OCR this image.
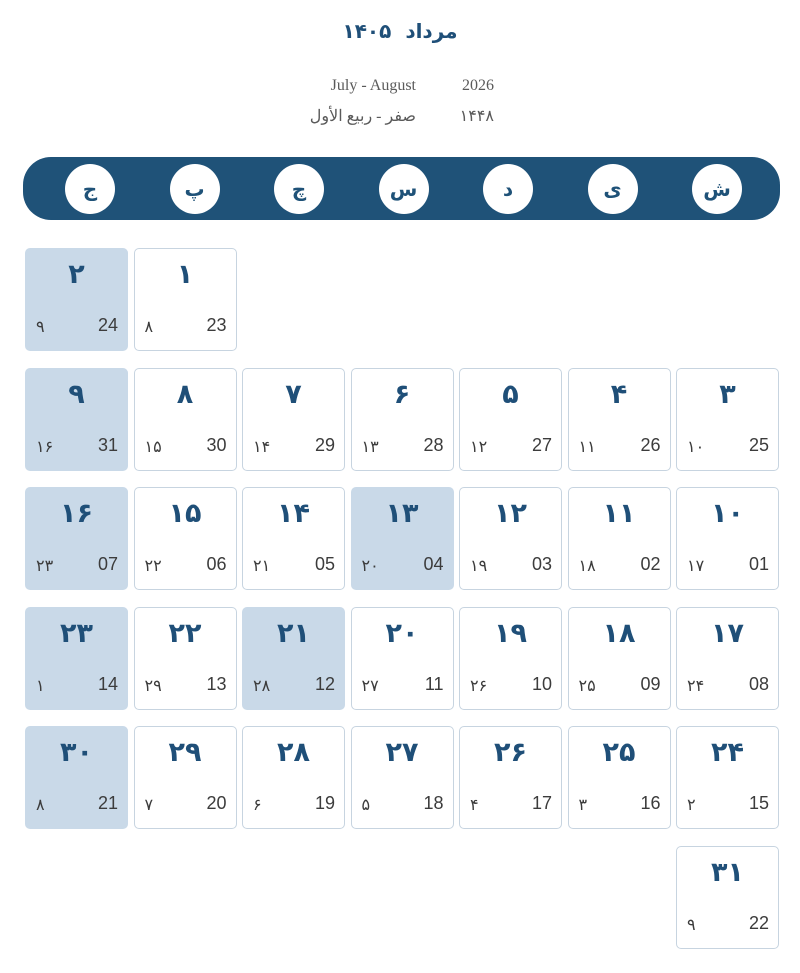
مرداد
۱۴۰۵
July - August	2026
صفر - ربیع الأول	۱۴۴۸
ش
ی
د
س
چ
پ
ج
۱
23
۸
۲
24
۹
۳
25
۱۰
۴
26
۱۱
۵
27
۱۲
۶
28
۱۳
۷
29
۱۴
۸
30
۱۵
۹
31
۱۶
۱۰
01
۱۷
۱۱
02
۱۸
۱۲
03
۱۹
۱۳
04
۲۰
۱۴
05
۲۱
۱۵
06
۲۲
۱۶
07
۲۳
۱۷
08
۲۴
۱۸
09
۲۵
۱۹
10
۲۶
۲۰
11
۲۷
۲۱
12
۲۸
۲۲
13
۲۹
۲۳
14
۱
۲۴
15
۲
۲۵
16
۳
۲۶
17
۴
۲۷
18
۵
۲۸
19
۶
۲۹
20
۷
۳۰
21
۸
۳۱
22
۹
